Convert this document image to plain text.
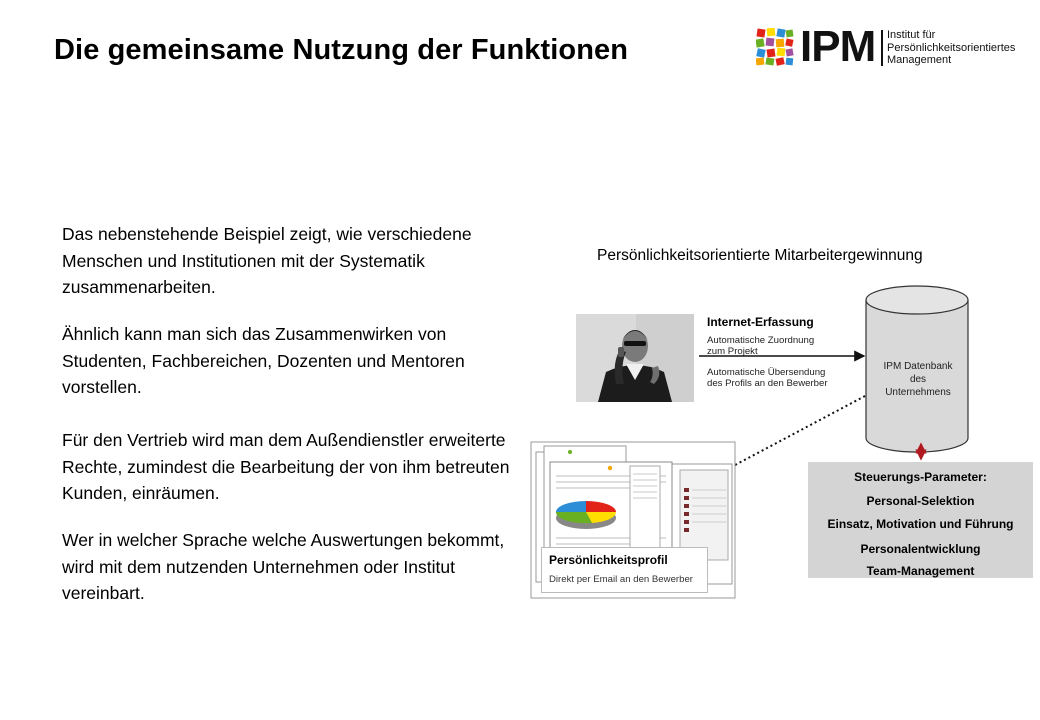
Die gemeinsame Nutzung der Funktionen	IPM Institut für
Persönlichkeitsorientiertes
Management
Das nebenstehende Beispiel zeigt, wie verschiedene Menschen und Institutionen mit der Systematik zusammenarbeiten.
Ähnlich kann man sich das Zusammenwirken von Studenten, Fachbereichen, Dozenten und Mentoren vorstellen.
Für den Vertrieb wird man dem Außendienstler erweiterte Rechte, zumindest die Bearbeitung der von ihm betreuten Kunden, einräumen.
Wer in welcher Sprache welche Auswertungen bekommt, wird mit dem nutzenden Unternehmen oder Institut vereinbart.
Persönlichkeitsorientierte Mitarbeitergewinnung
Internet-Erfassung
Automatische Zuordnung
zum Projekt
Automatische Übersendung
des Profils an den Bewerber
IPM Datenbank
des
Unternehmens
Steuerungs-Parameter:
Personal-Selektion
Einsatz, Motivation und Führung
Personalentwicklung
Team-Management
Persönlichkeitsprofil
Direkt per Email an den Bewerber
